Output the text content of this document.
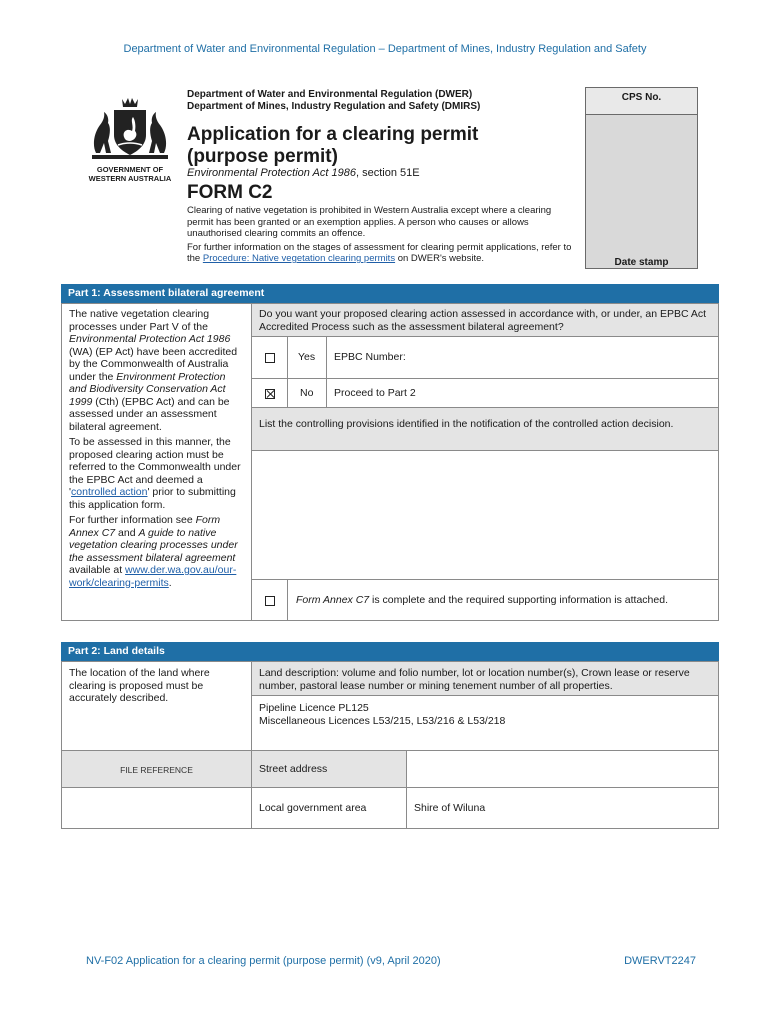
Department of Water and Environmental Regulation – Department of Mines, Industry Regulation and Safety
GOVERNMENT OF
WESTERN AUSTRALIA
Department of Water and Environmental Regulation (DWER)
Department of Mines, Industry Regulation and Safety (DMIRS)
Application for a clearing permit
(purpose permit)
Environmental Protection Act 1986, section 51E
FORM C2

Clearing of native vegetation is prohibited in Western Australia except where a clearing permit has been granted or an exemption applies. A person who causes or allows unauthorised clearing commits an offence.

For further information on the stages of assessment for clearing permit applications, refer to the Procedure: Native vegetation clearing permits on DWER's website.

CPS No.
Date stamp
Part 1: Assessment bilateral agreement
The native vegetation clearing processes under Part V of the Environmental Protection Act 1986 (WA) (EP Act) have been accredited by the Commonwealth of Australia under the Environment Protection and Biodiversity Conservation Act 1999 (Cth) (EPBC Act) and can be assessed under an assessment bilateral agreement.
To be assessed in this manner, the proposed clearing action must be referred to the Commonwealth under the EPBC Act and deemed a 'controlled action' prior to submitting this application form.
For further information see Form Annex C7 and A guide to native vegetation clearing processes under the assessment bilateral agreement available at www.der.wa.gov.au/our-work/clearing-permits.
Do you want your proposed clearing action assessed in accordance with, or under, an EPBC Act Accredited Process such as the assessment bilateral agreement?
Yes	EPBC Number:
No	Proceed to Part 2
List the controlling provisions identified in the notification of the controlled action decision.
Form Annex C7 is complete and the required supporting information is attached.
Part 2: Land details
The location of the land where clearing is proposed must be accurately described.
Land description: volume and folio number, lot or location number(s), Crown lease or reserve number, pastoral lease number or mining tenement number of all properties.
Pipeline Licence PL125
Miscellaneous Licences L53/215, L53/216 & L53/218
FILE REFERENCE	Street address
Local government area	Shire of Wiluna
NV-F02 Application for a clearing permit (purpose permit) (v9, April 2020)	DWERVT2247
